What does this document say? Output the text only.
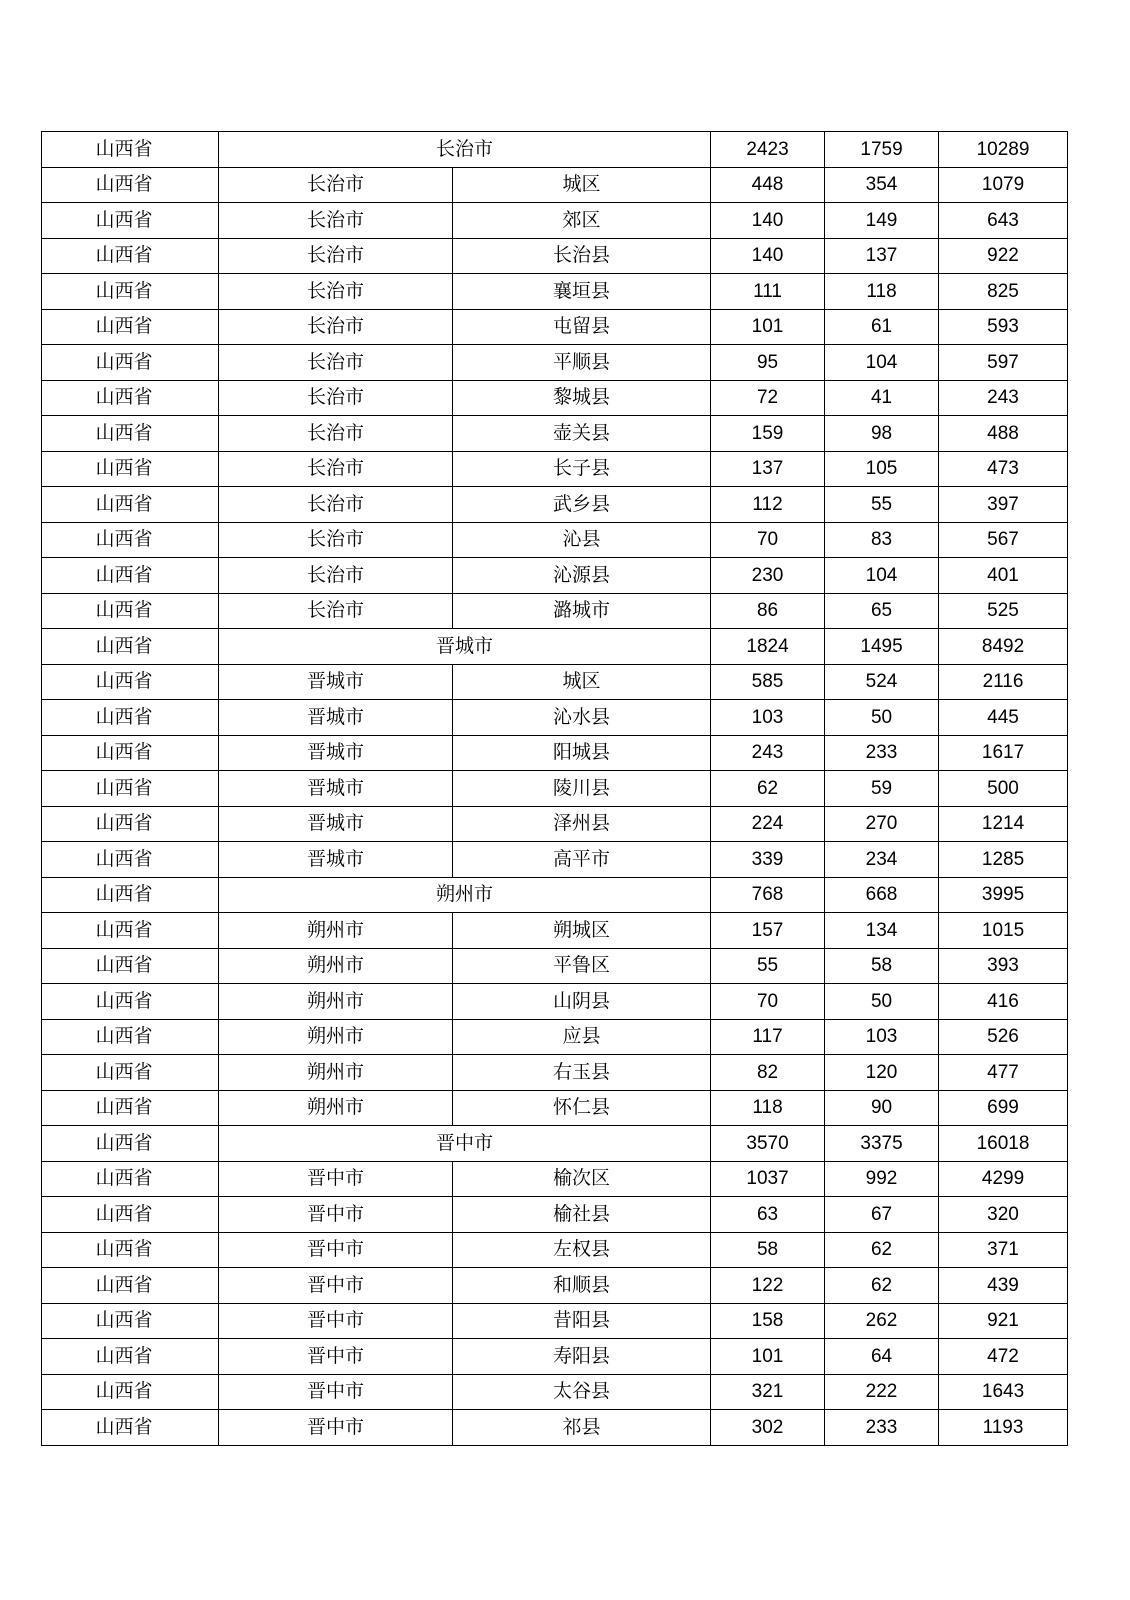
山西省	长治市		2423	1759	10289
山西省	长治市	城区	448	354	1079
山西省	长治市	郊区	140	149	643
山西省	长治市	长治县	140	137	922
山西省	长治市	襄垣县	111	118	825
山西省	长治市	屯留县	101	61	593
山西省	长治市	平顺县	95	104	597
山西省	长治市	黎城县	72	41	243
山西省	长治市	壶关县	159	98	488
山西省	长治市	长子县	137	105	473
山西省	长治市	武乡县	112	55	397
山西省	长治市	沁县	70	83	567
山西省	长治市	沁源县	230	104	401
山西省	长治市	潞城市	86	65	525
山西省	晋城市		1824	1495	8492
山西省	晋城市	城区	585	524	2116
山西省	晋城市	沁水县	103	50	445
山西省	晋城市	阳城县	243	233	1617
山西省	晋城市	陵川县	62	59	500
山西省	晋城市	泽州县	224	270	1214
山西省	晋城市	高平市	339	234	1285
山西省	朔州市		768	668	3995
山西省	朔州市	朔城区	157	134	1015
山西省	朔州市	平鲁区	55	58	393
山西省	朔州市	山阴县	70	50	416
山西省	朔州市	应县	117	103	526
山西省	朔州市	右玉县	82	120	477
山西省	朔州市	怀仁县	118	90	699
山西省	晋中市		3570	3375	16018
山西省	晋中市	榆次区	1037	992	4299
山西省	晋中市	榆社县	63	67	320
山西省	晋中市	左权县	58	62	371
山西省	晋中市	和顺县	122	62	439
山西省	晋中市	昔阳县	158	262	921
山西省	晋中市	寿阳县	101	64	472
山西省	晋中市	太谷县	321	222	1643
山西省	晋中市	祁县	302	233	1193
